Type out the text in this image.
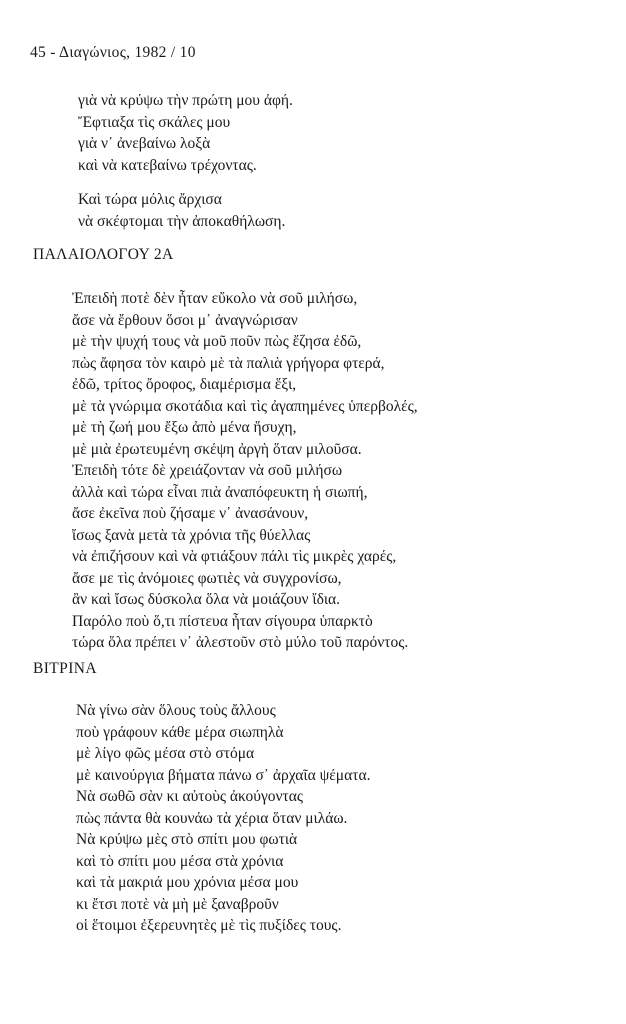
45 - Διαγώνιος, 1982 / 10
γιὰ νὰ κρύψω τὴν πρώτη μου ἀφή.
Ἔφτιαξα τὶς σκάλες μου
γιὰ ν᾽ ἀνεβαίνω λοξὰ
καὶ νὰ κατεβαίνω τρέχοντας.
Καὶ τώρα μόλις ἄρχισα
νὰ σκέφτομαι τὴν ἀποκαθήλωση.
ΠΑΛΑΙΟΛΟΓΟΥ 2Α
Ἐπειδὴ ποτὲ δὲν ἦταν εὔκολο νὰ σοῦ μιλήσω,
ἄσε νὰ ἔρθουν ὅσοι μ᾽ ἀναγνώρισαν
μὲ τὴν ψυχή τους νὰ μοῦ ποῦν πὼς ἔζησα ἐδῶ,
πὼς ἄφησα τὸν καιρὸ μὲ τὰ παλιὰ γρήγορα φτερά,
ἐδῶ, τρίτος ὄροφος, διαμέρισμα ἕξι,
μὲ τὰ γνώριμα σκοτάδια καὶ τὶς ἀγαπημένες ὑπερβολές,
μὲ τὴ ζωή μου ἔξω ἀπὸ μένα ἥσυχη,
μὲ μιὰ ἐρωτευμένη σκέψη ἀργὴ ὅταν μιλοῦσα.
Ἐπειδὴ τότε δὲ χρειάζονταν νὰ σοῦ μιλήσω
ἀλλὰ καὶ τώρα εἶναι πιὰ ἀναπόφευκτη ἡ σιωπή,
ἄσε ἐκεῖνα ποὺ ζήσαμε ν᾽ ἀνασάνουν,
ἴσως ξανὰ μετὰ τὰ χρόνια τῆς θύελλας
νὰ ἐπιζήσουν καὶ νὰ φτιάξουν πάλι τὶς μικρὲς χαρές,
ἄσε με τὶς ἀνόμοιες φωτιὲς νὰ συγχρονίσω,
ἂν καὶ ἴσως δύσκολα ὅλα νὰ μοιάζουν ἴδια.
Παρόλο ποὺ ὅ,τι πίστευα ἦταν σίγουρα ὑπαρκτὸ
τώρα ὅλα πρέπει ν᾽ ἀλεστοῦν στὸ μύλο τοῦ παρόντος.
ΒΙΤΡΙΝΑ
Νὰ γίνω σὰν ὅλους τοὺς ἄλλους
ποὺ γράφουν κάθε μέρα σιωπηλὰ
μὲ λίγο φῶς μέσα στὸ στόμα
μὲ καινούργια βήματα πάνω σ᾽ ἀρχαῖα ψέματα.
Νὰ σωθῶ σὰν κι αὐτοὺς ἀκούγοντας
πὼς πάντα θὰ κουνάω τὰ χέρια ὅταν μιλάω.
Νὰ κρύψω μὲς στὸ σπίτι μου φωτιὰ
καὶ τὸ σπίτι μου μέσα στὰ χρόνια
καὶ τὰ μακριά μου χρόνια μέσα μου
κι ἔτσι ποτὲ νὰ μὴ μὲ ξαναβροῦν
οἱ ἕτοιμοι ἐξερευνητὲς μὲ τὶς πυξίδες τους.
